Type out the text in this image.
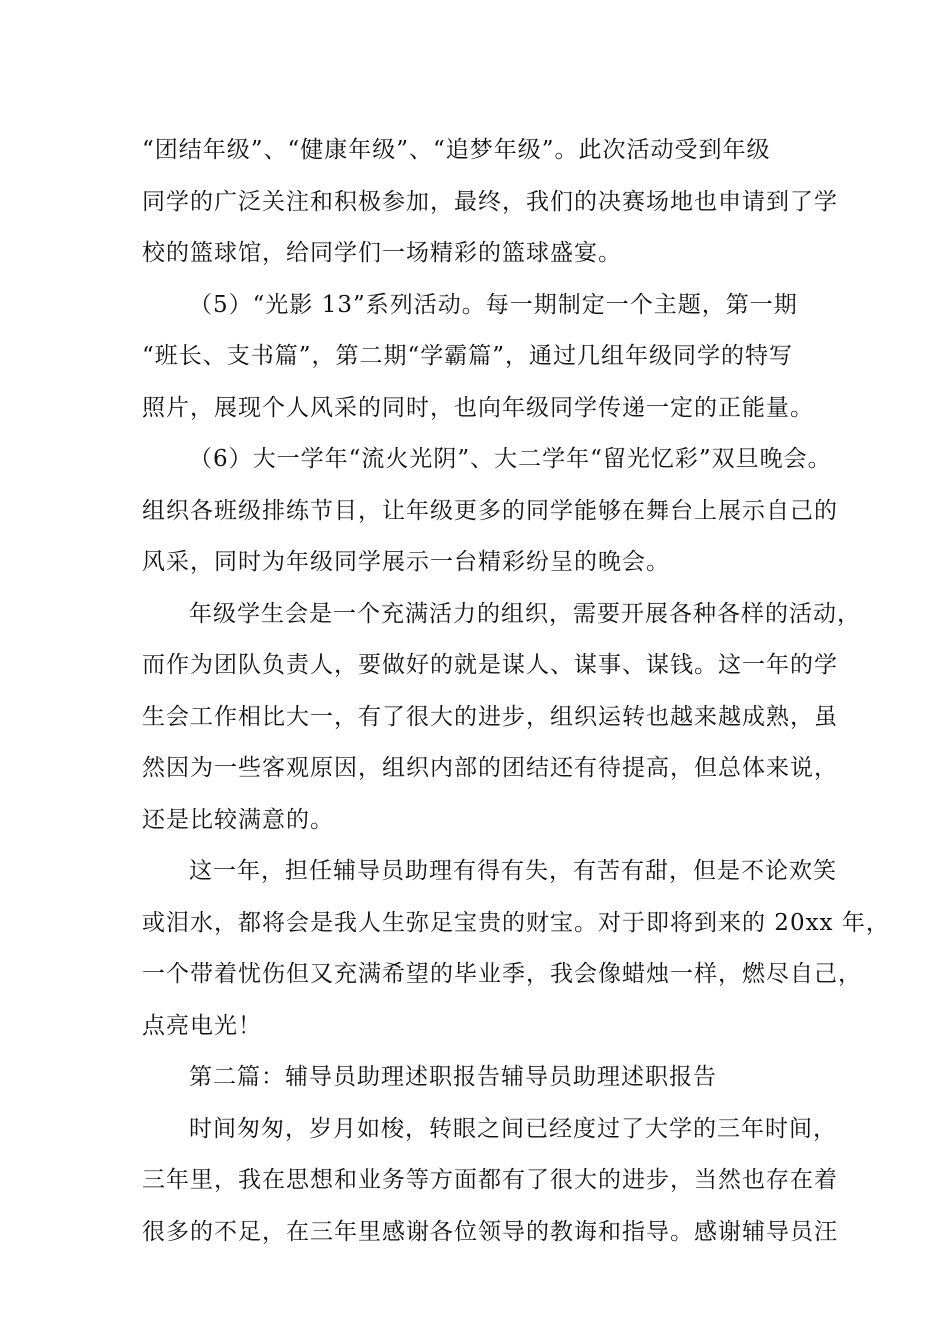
“团结年级”、“健康年级”、“追梦年级”。此次活动受到年级
同学的广泛关注和积极参加，最终，我们的决赛场地也申请到了学
校的篮球馆，给同学们一场精彩的篮球盛宴。
（5）“光影 13”系列活动。每一期制定一个主题，第一期
“班长、支书篇”，第二期“学霸篇”，通过几组年级同学的特写
照片，展现个人风采的同时，也向年级同学传递一定的正能量。
（6）大一学年“流火光阴”、大二学年“留光忆彩”双旦晚会。
组织各班级排练节目，让年级更多的同学能够在舞台上展示自己的
风采，同时为年级同学展示一台精彩纷呈的晚会。
年级学生会是一个充满活力的组织，需要开展各种各样的活动，
而作为团队负责人，要做好的就是谋人、谋事、谋钱。这一年的学
生会工作相比大一，有了很大的进步，组织运转也越来越成熟，虽
然因为一些客观原因，组织内部的团结还有待提高，但总体来说，
还是比较满意的。
这一年，担任辅导员助理有得有失，有苦有甜，但是不论欢笑
或泪水，都将会是我人生弥足宝贵的财宝。对于即将到来的 20xx 年，
一个带着忧伤但又充满希望的毕业季，我会像蜡烛一样，燃尽自己，
点亮电光！
第二篇：辅导员助理述职报告辅导员助理述职报告
时间匆匆，岁月如梭，转眼之间已经度过了大学的三年时间，
三年里，我在思想和业务等方面都有了很大的进步，当然也存在着
很多的不足，在三年里感谢各位领导的教诲和指导。感谢辅导员汪
